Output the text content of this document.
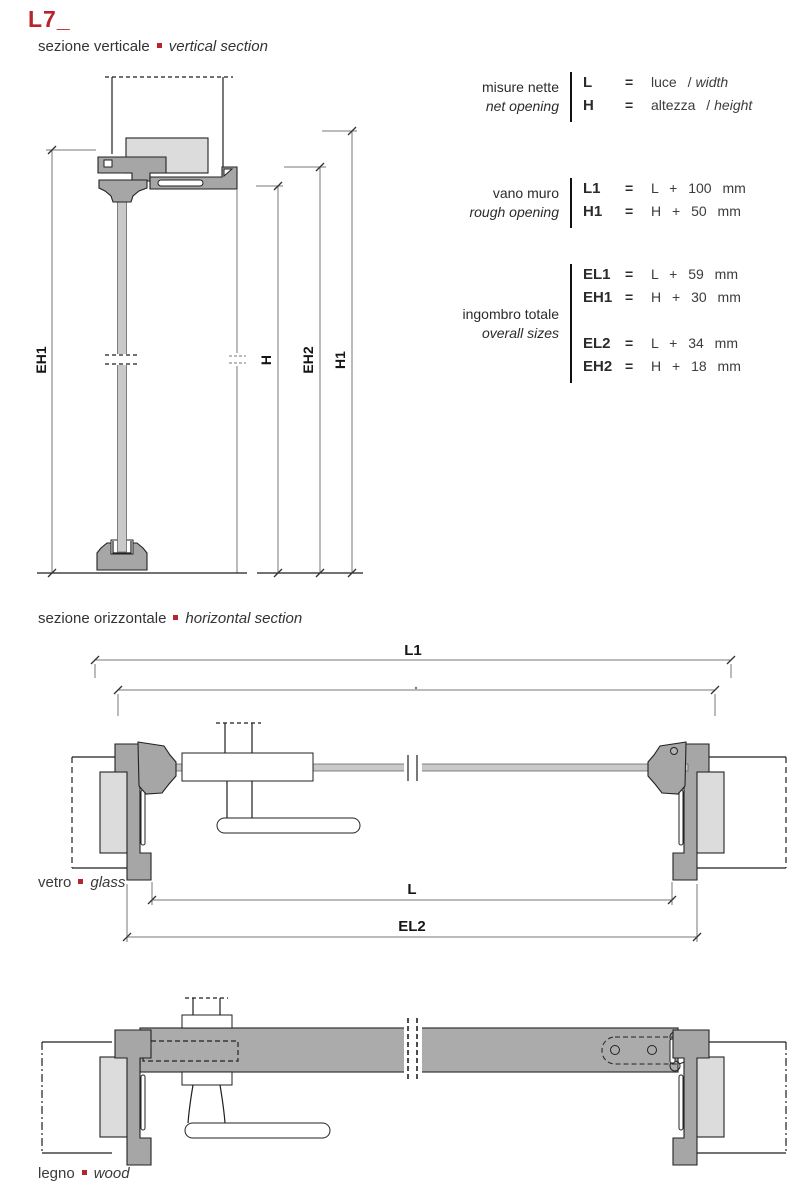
L7_
sezione verticale vertical section
EH1	H EH2 H1
misure nette
net opening
L	=	luce / width
H	=	altezza / height
vano muro
rough opening
L1	=	L + 100 mm
H1	=	H + 50 mm
ingombro totale
overall sizes
EL1	=	L + 59 mm
EH1 =	H + 30 mm
EL2	=	L + 34 mm
EH2 =	H + 18 mm
sezione orizzontale horizontal section
L1
L
EL2
vetro glass
legno wood
